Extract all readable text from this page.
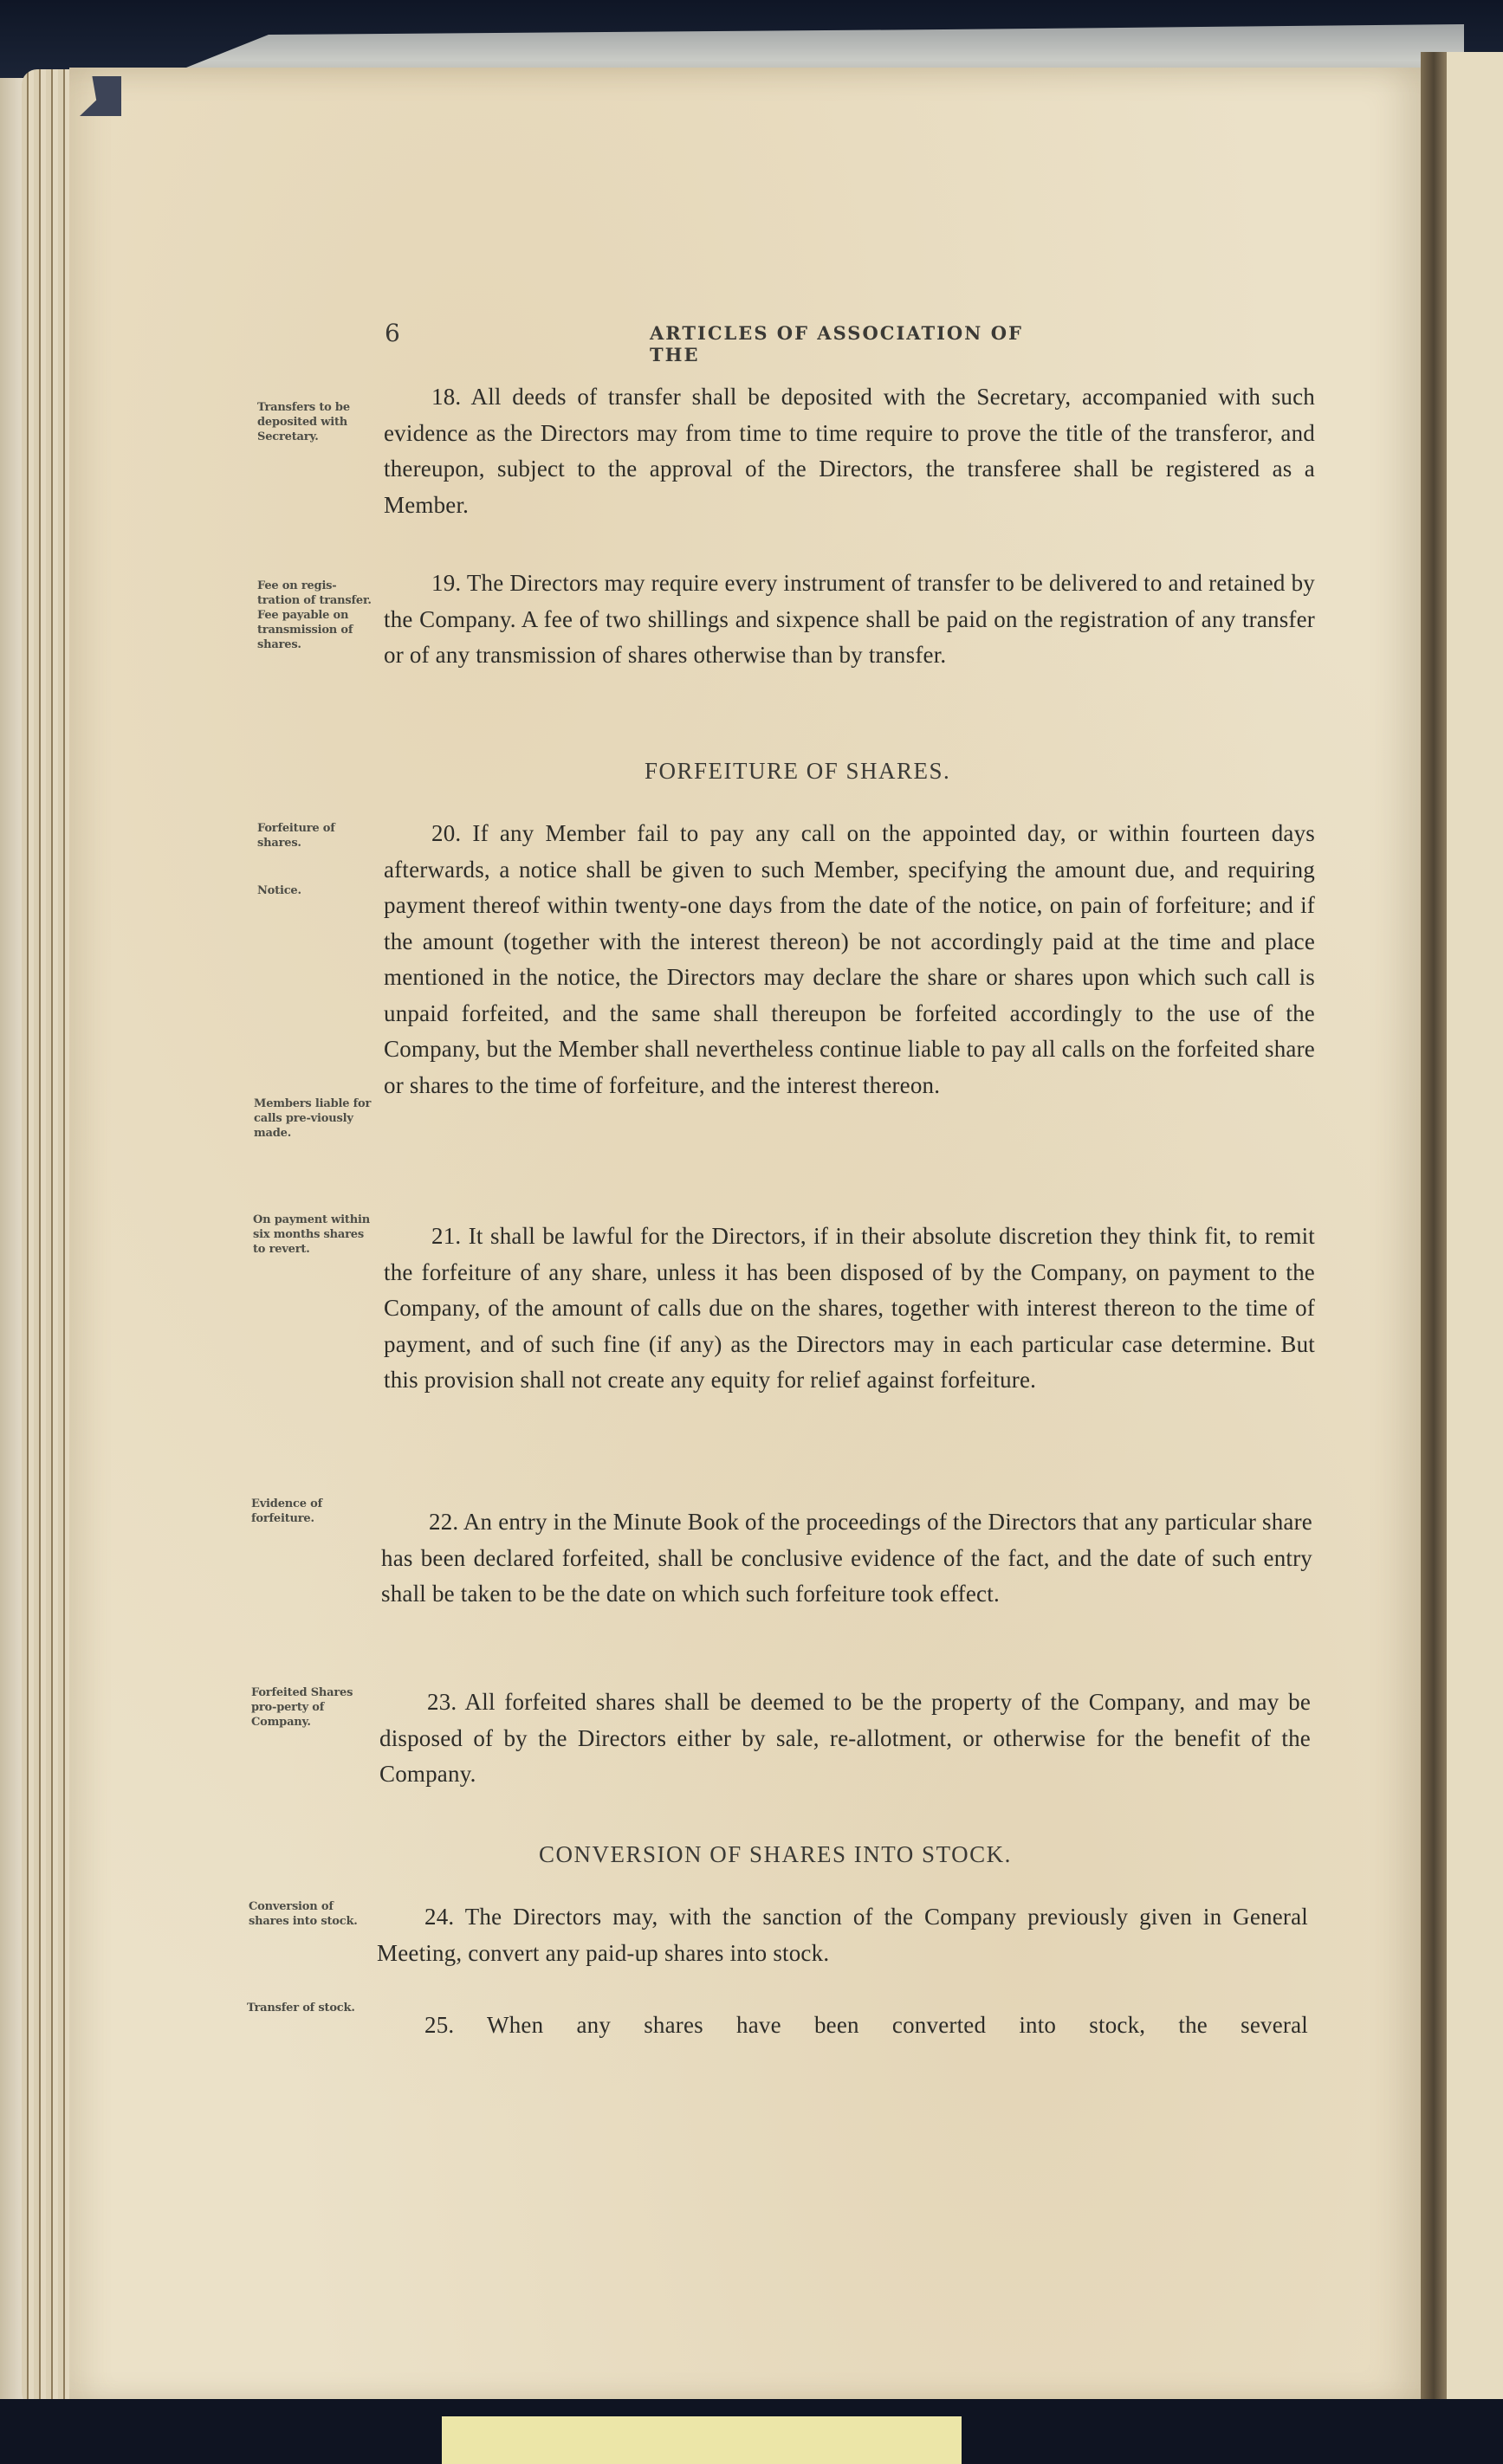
6	ARTICLES OF ASSOCIATION OF THE
Transfers to be deposited with Secretary.
Fee on regis-tration of transfer. Fee payable on transmission of shares.
Forfeiture of shares.
Notice.
Members liable for calls pre-viously made.
On payment within six months shares to revert.
Evidence of forfeiture.
Forfeited Shares pro-perty of Company.
Conversion of shares into stock.
Transfer of stock.

18. All deeds of transfer shall be deposited with the Secretary, accompanied with such evidence as the Directors may from time to time require to prove the title of the transferor, and thereupon, subject to the approval of the Directors, the transferee shall be registered as a Member.

19. The Directors may require every instrument of transfer to be delivered to and retained by the Company. A fee of two shillings and sixpence shall be paid on the registration of any transfer or of any transmission of shares otherwise than by transfer.

FORFEITURE OF SHARES.

20. If any Member fail to pay any call on the appointed day, or within fourteen days afterwards, a notice shall be given to such Member, specifying the amount due, and requiring payment thereof within twenty-one days from the date of the notice, on pain of forfeiture; and if the amount (together with the interest thereon) be not accordingly paid at the time and place mentioned in the notice, the Directors may declare the share or shares upon which such call is unpaid forfeited, and the same shall thereupon be forfeited accordingly to the use of the Company, but the Member shall nevertheless continue liable to pay all calls on the forfeited share or shares to the time of forfeiture, and the interest thereon.

21. It shall be lawful for the Directors, if in their absolute discretion they think fit, to remit the forfeiture of any share, unless it has been disposed of by the Company, on payment to the Company, of the amount of calls due on the shares, together with interest thereon to the time of payment, and of such fine (if any) as the Directors may in each particular case determine. But this provision shall not create any equity for relief against forfeiture.

22. An entry in the Minute Book of the proceedings of the Directors that any particular share has been declared forfeited, shall be conclusive evidence of the fact, and the date of such entry shall be taken to be the date on which such forfeiture took effect.

23. All forfeited shares shall be deemed to be the property of the Company, and may be disposed of by the Directors either by sale, re-allotment, or otherwise for the benefit of the Company.

CONVERSION OF SHARES INTO STOCK.

24. The Directors may, with the sanction of the Company previously given in General Meeting, convert any paid-up shares into stock.

25. When any shares have been converted into stock, the several
